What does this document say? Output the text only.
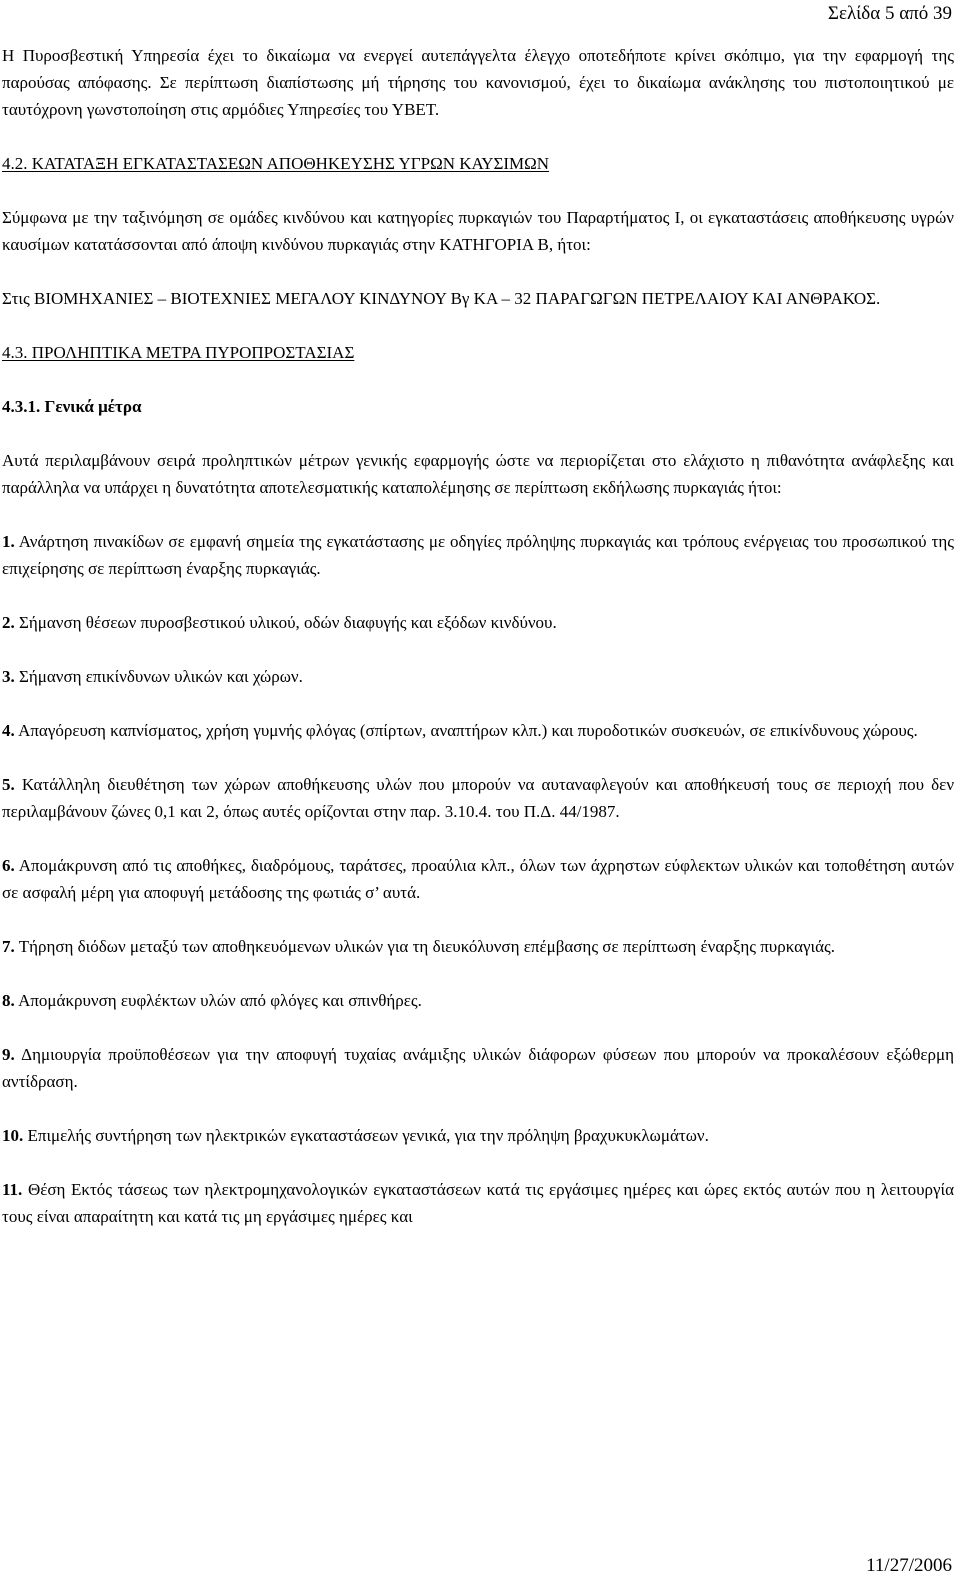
Σελίδα 5 από 39

Η Πυροσβεστική Υπηρεσία έχει το δικαίωμα να ενεργεί αυτεπάγγελτα έλεγχο οποτεδήποτε κρίνει σκόπιμο, για την εφαρμογή της παρούσας απόφασης. Σε περίπτωση διαπίστωσης μή τήρησης του κανονισμού, έχει το δικαίωμα ανάκλησης του πιστοποιητικού με ταυτόχρονη γωνστοποίηση στις αρμόδιες Υπηρεσίες του ΥΒΕΤ.

4.2. ΚΑΤΑΤΑΞΗ ΕΓΚΑΤΑΣΤΑΣΕΩΝ ΑΠΟΘΗΚΕΥΣΗΣ ΥΓΡΩΝ ΚΑΥΣΙΜΩΝ

Σύμφωνα με την ταξινόμηση σε ομάδες κινδύνου και κατηγορίες πυρκαγιών του Παραρτήματος Ι, οι εγκαταστάσεις αποθήκευσης υγρών καυσίμων κατατάσσονται από άποψη κινδύνου πυρκαγιάς στην ΚΑΤΗΓΟΡΙΑ Β, ήτοι:

Στις ΒΙΟΜΗΧΑΝΙΕΣ – ΒΙΟΤΕΧΝΙΕΣ ΜΕΓΑΛΟΥ ΚΙΝΔΥΝΟΥ Βγ ΚΑ – 32 ΠΑΡΑΓΩΓΩΝ ΠΕΤΡΕΛΑΙΟΥ ΚΑΙ ΑΝΘΡΑΚΟΣ.

4.3. ΠΡΟΛΗΠΤΙΚΑ ΜΕΤΡΑ ΠΥΡΟΠΡΟΣΤΑΣΙΑΣ

4.3.1. Γενικά μέτρα

Αυτά περιλαμβάνουν σειρά προληπτικών μέτρων γενικής εφαρμογής ώστε να περιορίζεται στο ελάχιστο η πιθανότητα ανάφλεξης και παράλληλα να υπάρχει η δυνατότητα αποτελεσματικής καταπολέμησης σε περίπτωση εκδήλωσης πυρκαγιάς ήτοι:

1. Ανάρτηση πινακίδων σε εμφανή σημεία της εγκατάστασης με οδηγίες πρόληψης πυρκαγιάς και τρόπους ενέργειας του προσωπικού της επιχείρησης σε περίπτωση έναρξης πυρκαγιάς.

2. Σήμανση θέσεων πυροσβεστικού υλικού, οδών διαφυγής και εξόδων κινδύνου.

3. Σήμανση επικίνδυνων υλικών και χώρων.

4. Απαγόρευση καπνίσματος, χρήση γυμνής φλόγας (σπίρτων, αναπτήρων κλπ.) και πυροδοτικών συσκευών, σε επικίνδυνους χώρους.

5. Κατάλληλη διευθέτηση των χώρων αποθήκευσης υλών που μπορούν να αυταναφλεγούν και αποθήκευσή τους σε περιοχή που δεν περιλαμβάνουν ζώνες 0,1 και 2, όπως αυτές ορίζονται στην παρ. 3.10.4. του Π.Δ. 44/1987.

6. Απομάκρυνση από τις αποθήκες, διαδρόμους, ταράτσες, προαύλια κλπ., όλων των άχρηστων εύφλεκτων υλικών και τοποθέτηση αυτών σε ασφαλή μέρη για αποφυγή μετάδοσης της φωτιάς σ’ αυτά.

7. Τήρηση διόδων μεταξύ των αποθηκευόμενων υλικών για τη διευκόλυνση επέμβασης σε περίπτωση έναρξης πυρκαγιάς.

8. Απομάκρυνση ευφλέκτων υλών από φλόγες και σπινθήρες.

9. Δημιουργία προϋποθέσεων για την αποφυγή τυχαίας ανάμιξης υλικών διάφορων φύσεων που μπορούν να προκαλέσουν εξώθερμη αντίδραση.

10. Επιμελής συντήρηση των ηλεκτρικών εγκαταστάσεων γενικά, για την πρόληψη βραχυκυκλωμάτων.

11. Θέση Εκτός τάσεως των ηλεκτρομηχανολογικών εγκαταστάσεων κατά τις εργάσιμες ημέρες και ώρες εκτός αυτών που η λειτουργία τους είναι απαραίτητη και κατά τις μη εργάσιμες ημέρες και

11/27/2006
